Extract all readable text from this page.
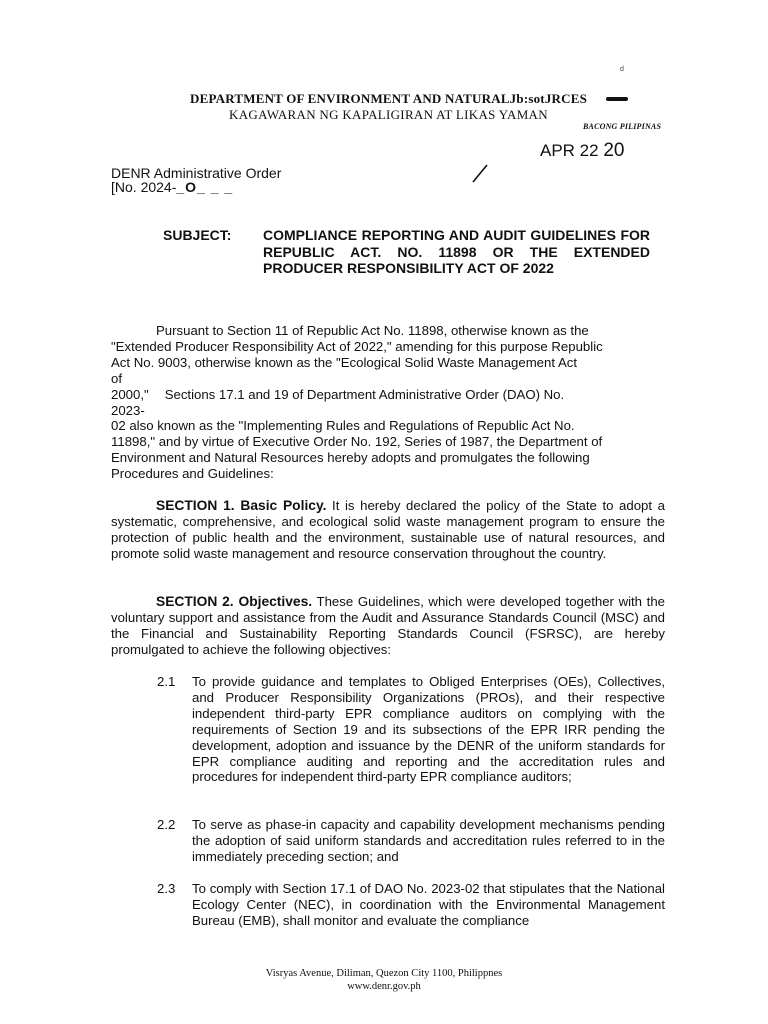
d
DEPARTMENT OF ENVIRONMENT AND NATURALJb:sotJRCES
KAGAWARAN NG KAPALIGIRAN AT LIKAS YAMAN
BACONG PILIPINAS
APR 22 20
DENR Administrative Order
[No. 2024-_O_ _ _
SUBJECT: COMPLIANCE REPORTING AND AUDIT GUIDELINES FOR REPUBLIC ACT. NO. 11898 OR THE EXTENDED PRODUCER RESPONSIBILITY ACT OF 2022
Pursuant to Section 11 of Republic Act No. 11898, otherwise known as the
"Extended Producer Responsibility Act of 2022," amending for this purpose Republic
Act No. 9003, otherwise known as the "Ecological Solid Waste Management Act
of
2000," Sections 17.1 and 19 of Department Administrative Order (DAO) No.
2023-
02 also known as the "Implementing Rules and Regulations of Republic Act No.
11898," and by virtue of Executive Order No. 192, Series of 1987, the Department of
Environment and Natural Resources hereby adopts and promulgates the following
Procedures and Guidelines:
SECTION 1. Basic Policy. It is hereby declared the policy of the State to adopt a systematic, comprehensive, and ecological solid waste management program to ensure the protection of public health and the environment, sustainable use of natural resources, and promote solid waste management and resource conservation throughout the country.
SECTION 2. Objectives. These Guidelines, which were developed together with the voluntary support and assistance from the Audit and Assurance Standards Council (MSC) and the Financial and Sustainability Reporting Standards Council (FSRSC), are hereby promulgated to achieve the following objectives:
2.1 To provide guidance and templates to Obliged Enterprises (OEs), Collectives, and Producer Responsibility Organizations (PROs), and their respective independent third-party EPR compliance auditors on complying with the requirements of Section 19 and its subsections of the EPR IRR pending the development, adoption and issuance by the DENR of the uniform standards for EPR compliance auditing and reporting and the accreditation rules and procedures for independent third-party EPR compliance auditors;
2.2 To serve as phase-in capacity and capability development mechanisms pending the adoption of said uniform standards and accreditation rules referred to in the immediately preceding section; and
2.3 To comply with Section 17.1 of DAO No. 2023-02 that stipulates that the National Ecology Center (NEC), in coordination with the Environmental Management Bureau (EMB), shall monitor and evaluate the compliance
Visryas Avenue, Diliman, Quezon City 1100, Philippnes
www.denr.gov.ph
